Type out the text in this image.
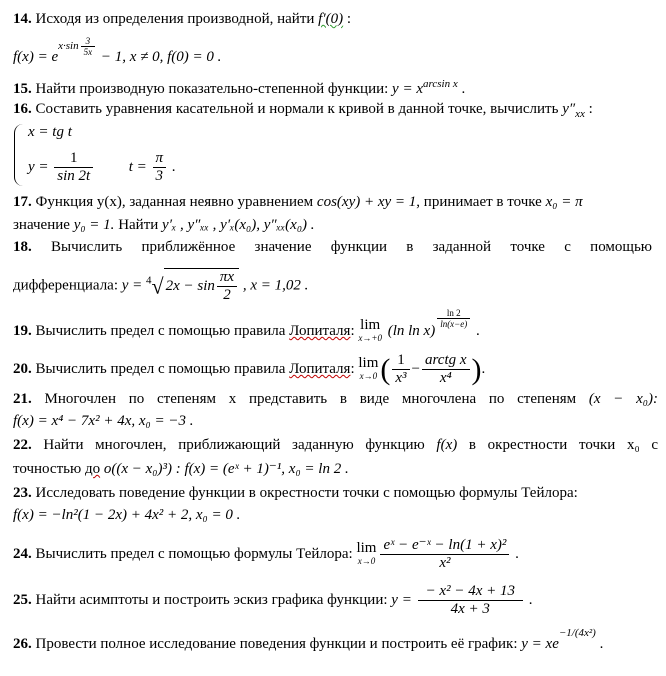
14. Исходя из определения производной, найти f′(0) :
$f(x) = e^{x\cdot sin \frac{3}{5x}}$
− 1, x ≠ 0, f(0) = 0 .
15. Найти производную показательно-степенной функции: $y = x^{arcsin x}$ .
16. Составить уравнения касательной и нормали к кривой в данной точке, вычислить $y''_{xx}$ :
x = tg t
$y = \frac{1}{\sin 2t}$ $t = \frac{\pi}{3}$ .
17. Функция y(x), заданная неявно уравнением cos(xy) + xy = 1, принимает в точке x₀ = π
значение y₀ = 1. Найти y′ₓ , y″ₓₓ , y′ₓ(x₀), y″ₓₓ(x₀) .
18. Вычислить приближённое значение функции в заданной точке с помощью
дифференциала: y = $^4$√ $2x - \sin \frac{\pi x}{2}$ , x = 1,02 .
19. Вычислить предел с помощью правила Лопиталя: lim
x→+0 (ln ln x)
$^{\frac{\ln 2}{\ln(x-e)}}$
.
20. Вычислить предел с помощью правила Лопиталя: lim
x→0 ( $\frac{1}{\text{x³}} - \frac{\text{arctg x}}{\text{x⁴}}$ ).
21. Многочлен по степеням x представить в виде многочлена по степеням (x − x₀):
f(x) = x⁴ − 7x² + 4x, x₀ = −3 .
22. Найти многочлен, приближающий заданную функцию f(x) в окрестности точки x₀ с
точностью до o((x − x₀)³) : f(x) = (eˣ + 1)⁻¹, x₀ = ln 2 .
23. Исследовать поведение функции в окрестности точки с помощью формулы Тейлора:
f(x) = −ln²(1 − 2x) + 4x² + 2, x₀ = 0 .
24. Вычислить предел с помощью формулы Тейлора: lim
$x\to 0 \frac{\text{eˣ − e⁻ˣ − ln(1 + x)²}}{\text{x²}}$ .
25. Найти асимптоты и построить эскиз графика функции: $y = \frac{\text{− x² − 4x + 13}}{4x + 3}$ .
26. Провести полное исследование поведения функции и построить её график: $y = xe^{-1/(4x^2)}$ .
